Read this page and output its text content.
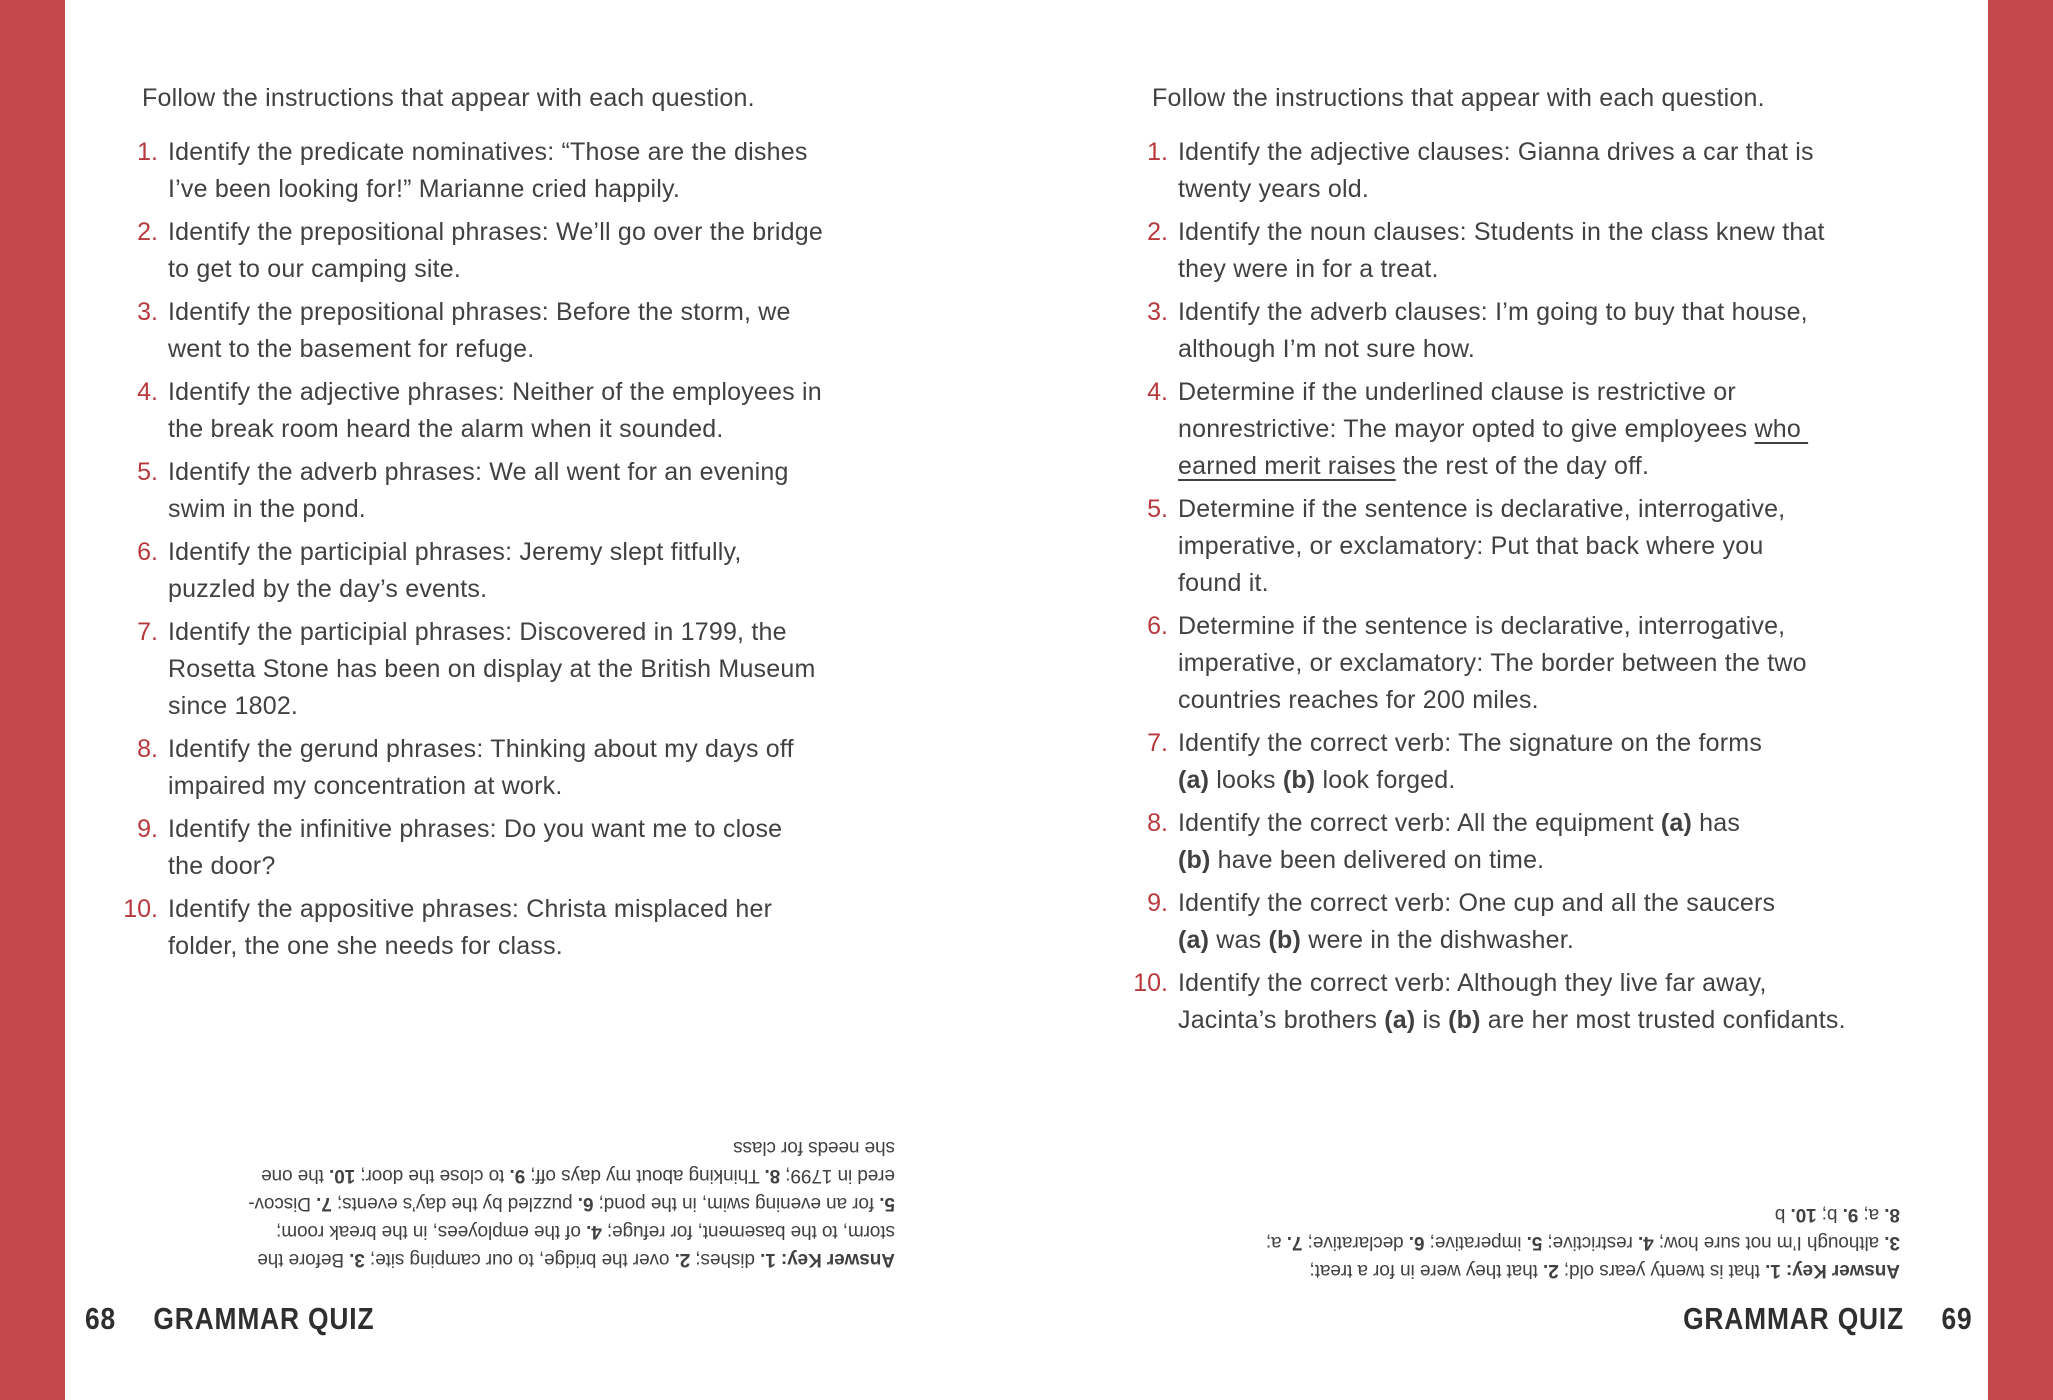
Follow the instructions that appear with each question.
1. Identify the predicate nominatives: “Those are the dishes
I’ve been looking for!” Marianne cried happily.
2. Identify the prepositional phrases: We’ll go over the bridge
to get to our camping site.
3. Identify the prepositional phrases: Before the storm, we
went to the basement for refuge.
4. Identify the adjective phrases: Neither of the employees in
the break room heard the alarm when it sounded.
5. Identify the adverb phrases: We all went for an evening
swim in the pond.
6. Identify the participial phrases: Jeremy slept fitfully,
puzzled by the day’s events.
7. Identify the participial phrases: Discovered in 1799, the
Rosetta Stone has been on display at the British Museum
since 1802.
8. Identify the gerund phrases: Thinking about my days off
impaired my concentration at work.
9. Identify the infinitive phrases: Do you want me to close
the door?
10. Identify the appositive phrases: Christa misplaced her
folder, the one she needs for class.
Answer Key: 1. dishes; 2. over the bridge, to our camping site; 3. Before the
storm, to the basement, for refuge; 4. of the employees, in the break room;
5. for an evening swim, in the pond; 6. puzzled by the day’s events; 7. Discov-
ered in 1799; 8. Thinking about my days off; 9. to close the door; 10. the one
she needs for class
68 GRAMMAR QUIZ
Follow the instructions that appear with each question.
1. Identify the adjective clauses: Gianna drives a car that is
twenty years old.
2. Identify the noun clauses: Students in the class knew that
they were in for a treat.
3. Identify the adverb clauses: I’m going to buy that house,
although I’m not sure how.
4. Determine if the underlined clause is restrictive or
nonrestrictive: The mayor opted to give employees who
earned merit raises the rest of the day off.
5. Determine if the sentence is declarative, interrogative,
imperative, or exclamatory: Put that back where you
found it.
6. Determine if the sentence is declarative, interrogative,
imperative, or exclamatory: The border between the two
countries reaches for 200 miles.
7. Identify the correct verb: The signature on the forms
(a) looks (b) look forged.
8. Identify the correct verb: All the equipment (a) has
(b) have been delivered on time.
9. Identify the correct verb: One cup and all the saucers
(a) was (b) were in the dishwasher.
10. Identify the correct verb: Although they live far away,
Jacinta’s brothers (a) is (b) are her most trusted confidants.
Answer Key: 1. that is twenty years old; 2. that they were in for a treat;
3. although I’m not sure how; 4. restrictive; 5. imperative; 6. declarative; 7. a;
8. a; 9. b; 10. b
GRAMMAR QUIZ 69
